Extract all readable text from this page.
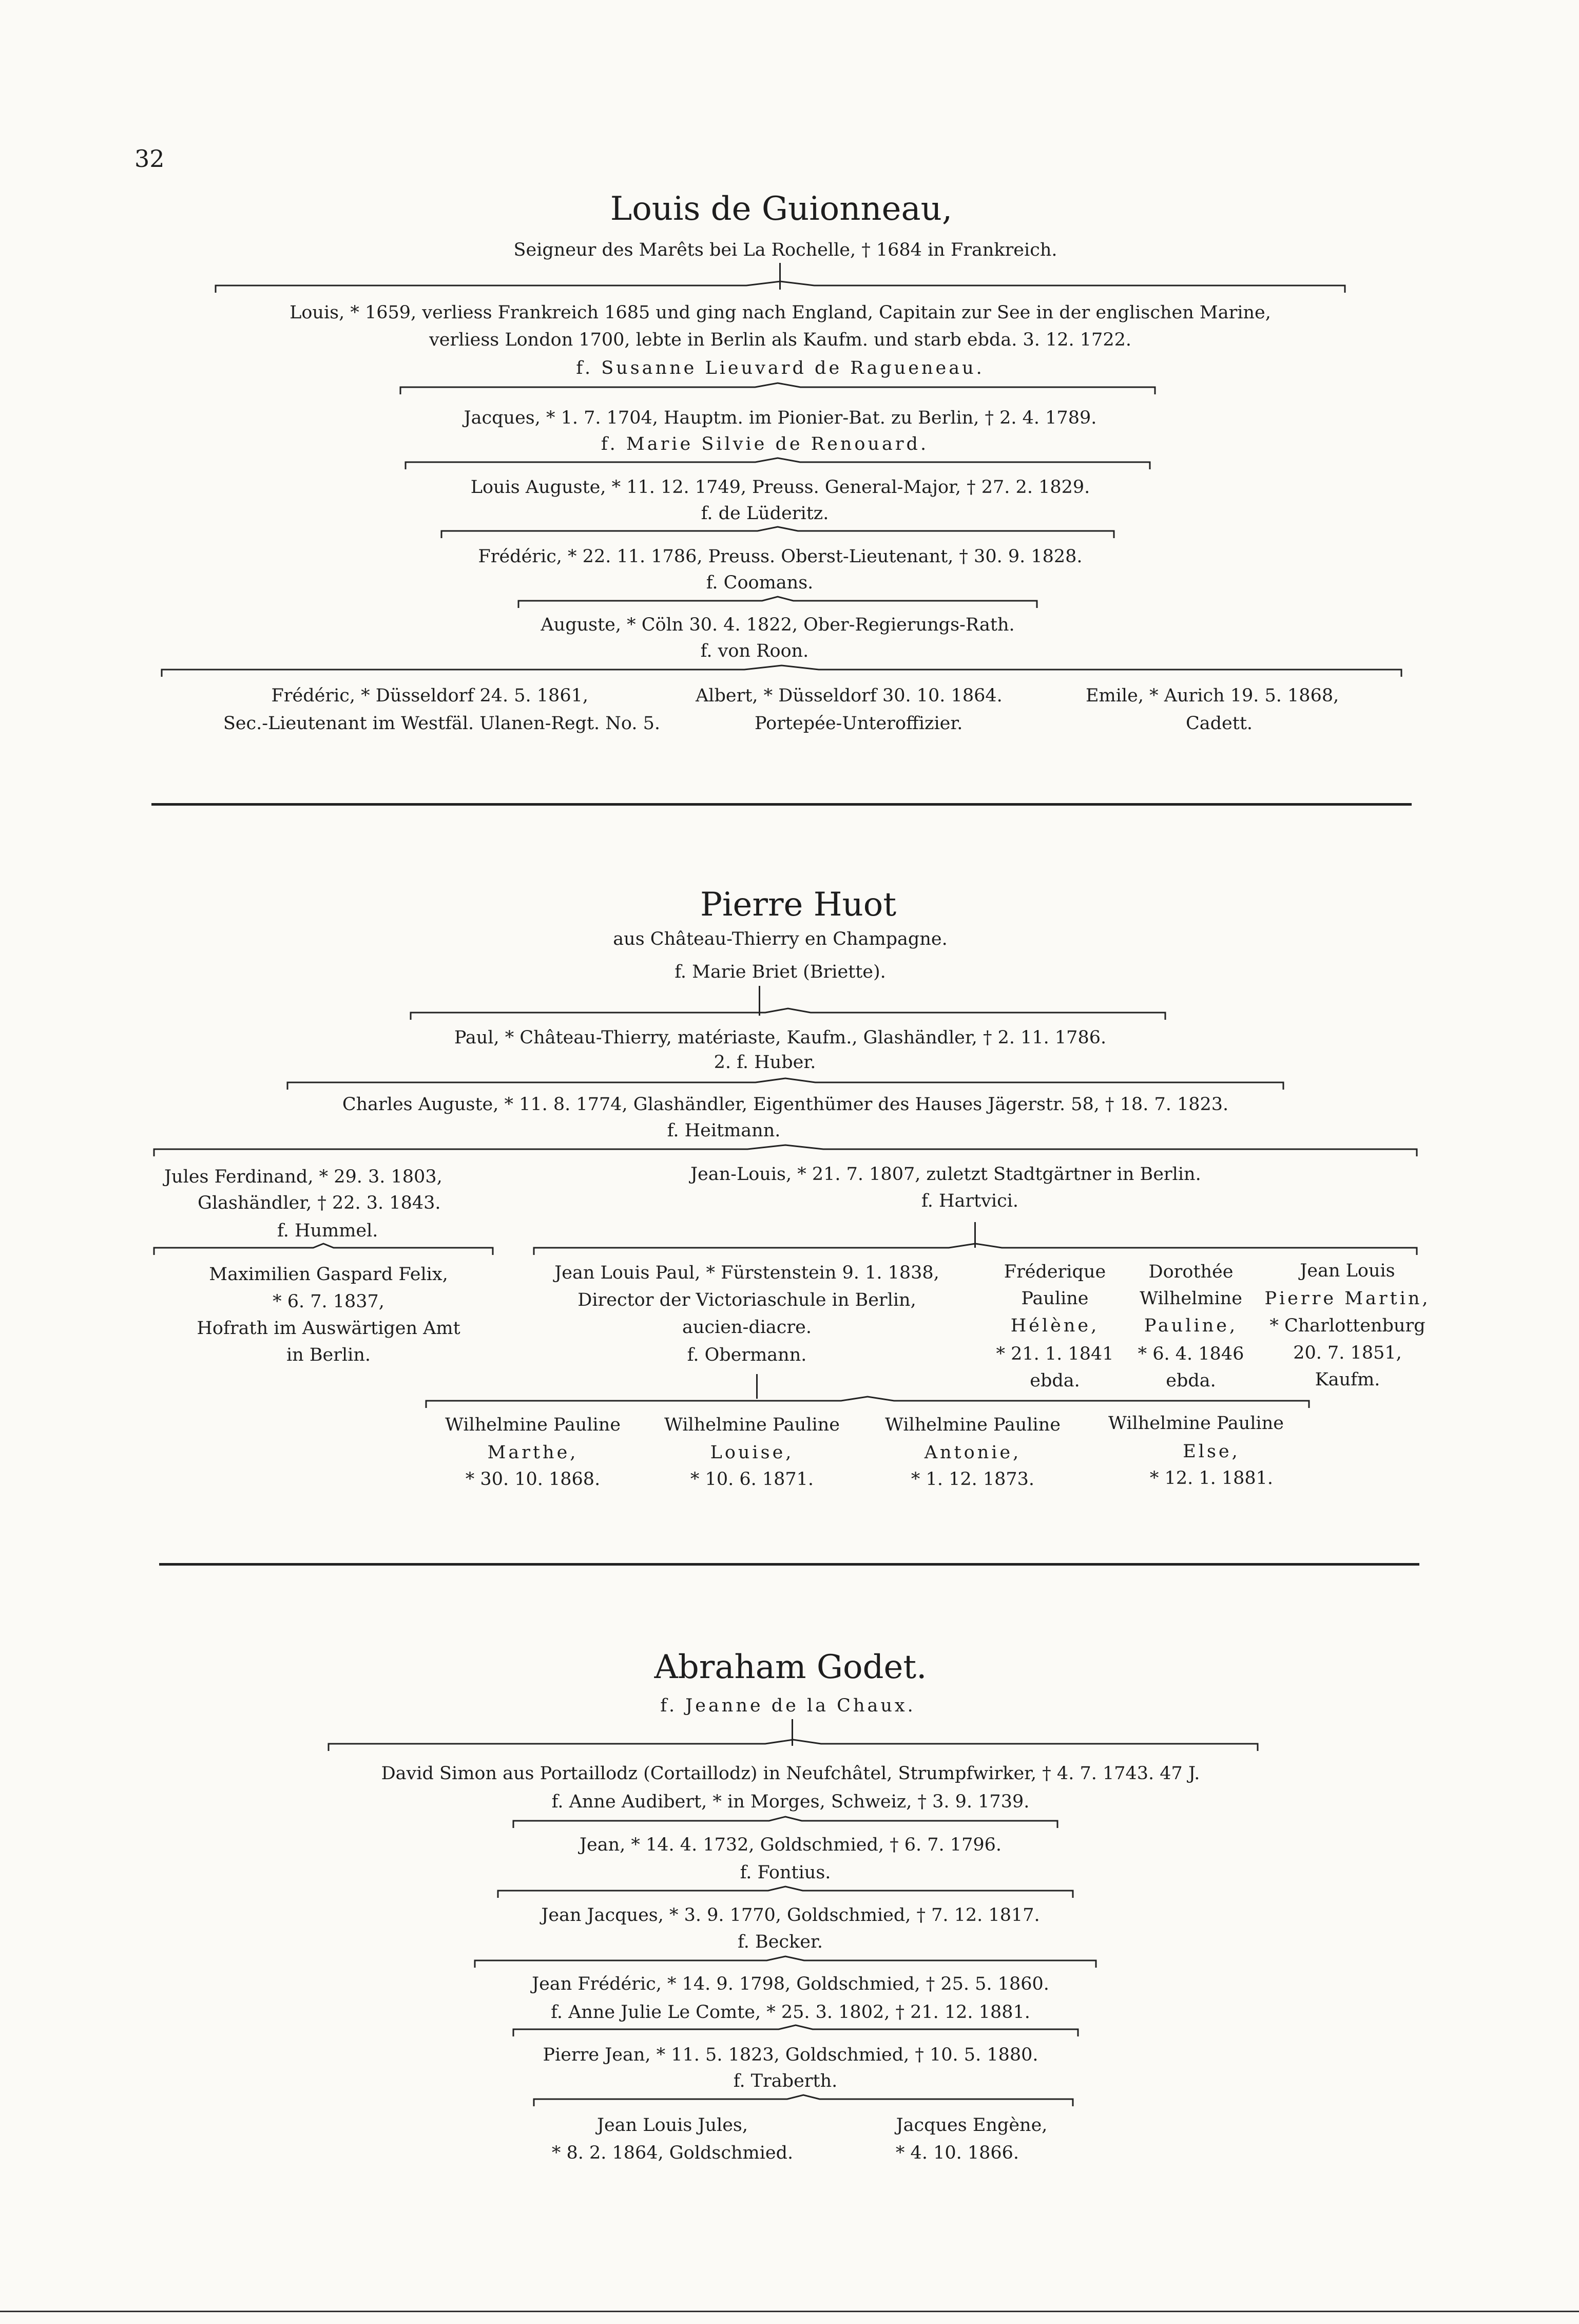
32
Louis de Guionneau,
Seigneur des Marêts bei La Rochelle, † 1684 in Frankreich.
Louis, * 1659, verliess Frankreich 1685 und ging nach England, Capitain zur See in der englischen Marine,
verliess London 1700, lebte in Berlin als Kaufm. und starb ebda. 3. 12. 1722.
f. Susanne Lieuvard de Ragueneau.
Jacques, * 1. 7. 1704, Hauptm. im Pionier-Bat. zu Berlin, † 2. 4. 1789.
f. Marie Silvie de Renouard.
Louis Auguste, * 11. 12. 1749, Preuss. General-Major, † 27. 2. 1829.
f. de Lüderitz.
Frédéric, * 22. 11. 1786, Preuss. Oberst-Lieutenant, † 30. 9. 1828.
f. Coomans.
Auguste, * Cöln 30. 4. 1822, Ober-Regierungs-Rath.
f. von Roon.
Frédéric, * Düsseldorf 24. 5. 1861,
Sec.-Lieutenant im Westfäl. Ulanen-Regt. No. 5.
Albert, * Düsseldorf 30. 10. 1864.
Portepée-Unteroffizier.
Emile, * Aurich 19. 5. 1868,
Cadett.
Pierre Huot
aus Château-Thierry en Champagne.
f. Marie Briet (Briette).
Paul, * Château-Thierry, matériaste, Kaufm., Glashändler, † 2. 11. 1786.
2. f. Huber.
Charles Auguste, * 11. 8. 1774, Glashändler, Eigenthümer des Hauses Jägerstr. 58, † 18. 7. 1823.
f. Heitmann.
Jules Ferdinand, * 29. 3. 1803,
Glashändler, † 22. 3. 1843.
f. Hummel.
Jean-Louis, * 21. 7. 1807, zuletzt Stadtgärtner in Berlin.
f. Hartvici.
Maximilien Gaspard Felix,
* 6. 7. 1837,
Hofrath im Auswärtigen Amt
in Berlin.
Jean Louis Paul, * Fürstenstein 9. 1. 1838,
Director der Victoriaschule in Berlin,
aucien-diacre.
f. Obermann.
Fréderique
Pauline
Hélène,
* 21. 1. 1841
ebda.
Dorothée
Wilhelmine
Pauline,
* 6. 4. 1846
ebda.
Jean Louis
Pierre Martin,
* Charlottenburg
20. 7. 1851,
Kaufm.
Wilhelmine Pauline
Marthe,
* 30. 10. 1868.
Wilhelmine Pauline
Louise,
* 10. 6. 1871.
Wilhelmine Pauline
Antonie,
* 1. 12. 1873.
Wilhelmine Pauline
Else,
* 12. 1. 1881.
Abraham Godet.
f. Jeanne de la Chaux.
David Simon aus Portaillodz (Cortaillodz) in Neufchâtel, Strumpfwirker, † 4. 7. 1743. 47 J.
f. Anne Audibert, * in Morges, Schweiz, † 3. 9. 1739.
Jean, * 14. 4. 1732, Goldschmied, † 6. 7. 1796.
f. Fontius.
Jean Jacques, * 3. 9. 1770, Goldschmied, † 7. 12. 1817.
f. Becker.
Jean Frédéric, * 14. 9. 1798, Goldschmied, † 25. 5. 1860.
f. Anne Julie Le Comte, * 25. 3. 1802, † 21. 12. 1881.
Pierre Jean, * 11. 5. 1823, Goldschmied, † 10. 5. 1880.
f. Traberth.
Jean Louis Jules,
* 8. 2. 1864, Goldschmied.
Jacques Engène,
* 4. 10. 1866.
